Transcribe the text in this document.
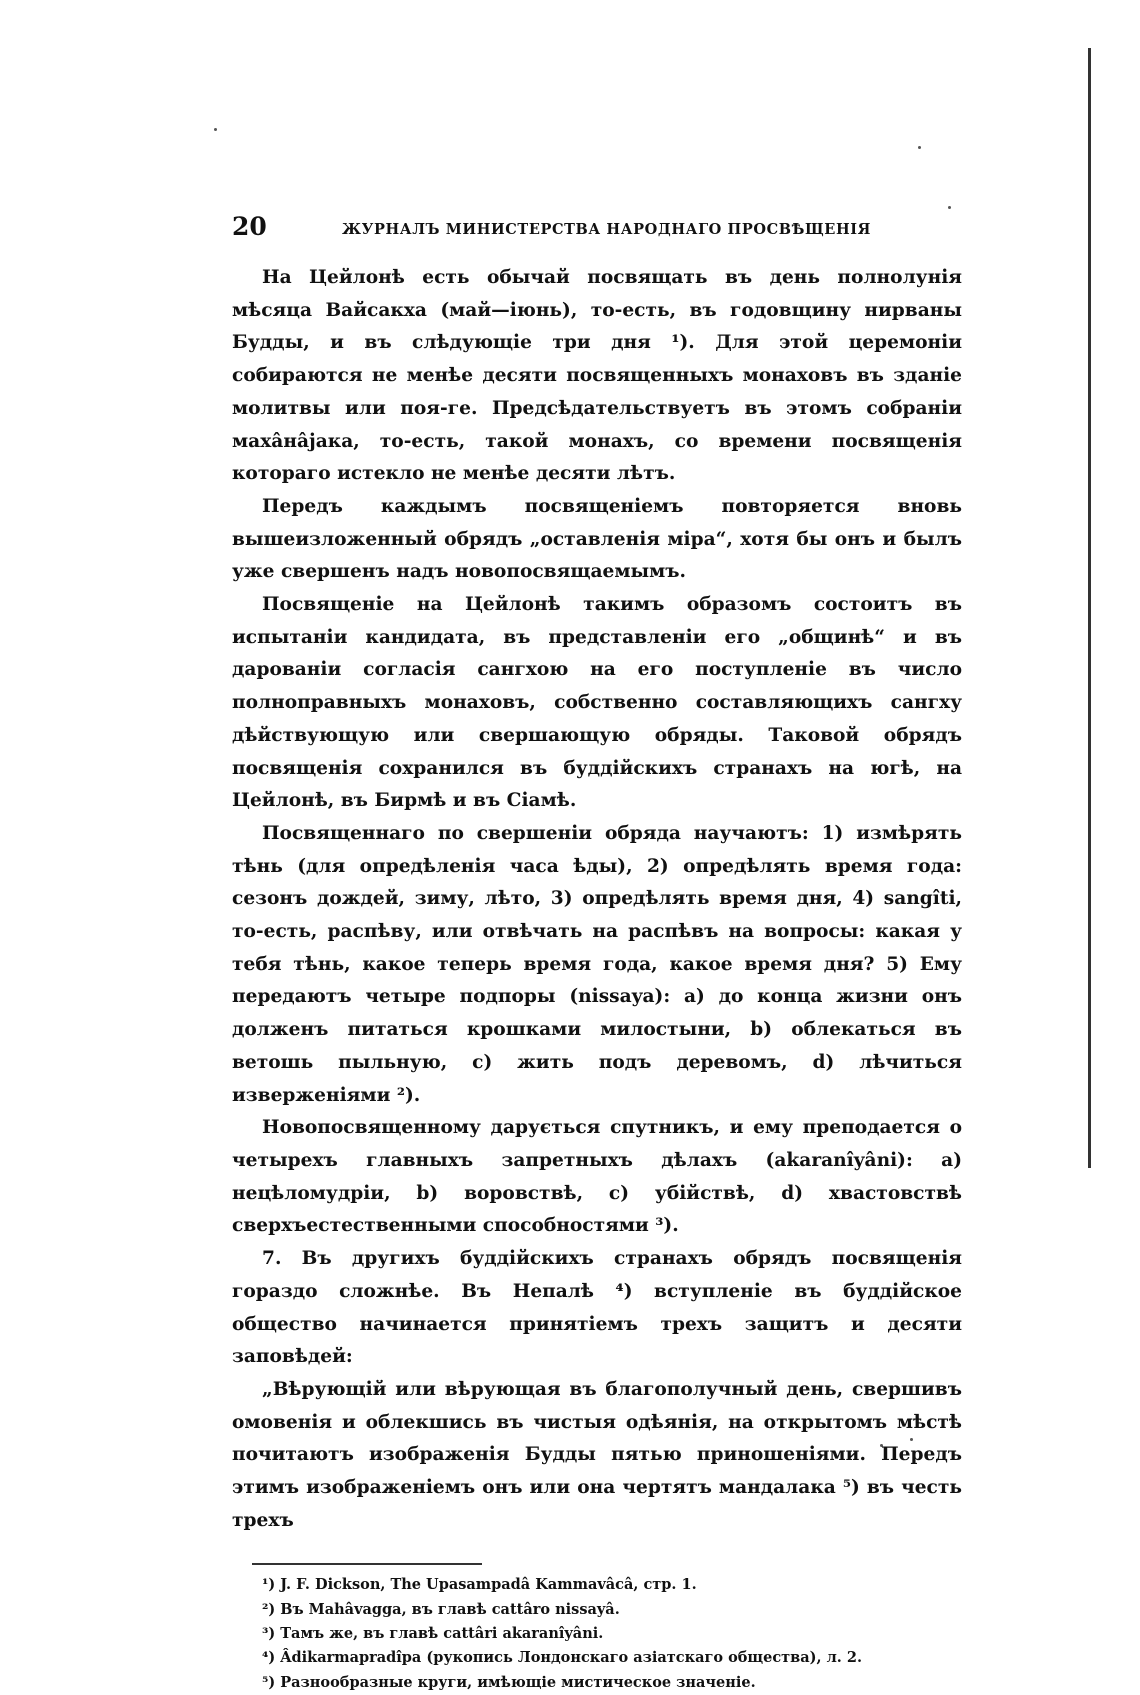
20	ЖУРНАЛЪ МИНИСТЕРСТВА НАРОДНАГО ПРОСВѢЩЕНІЯ

На Цейлонѣ есть обычай посвящать въ день полнолунія мѣсяца Вайсакха (май—іюнь), то-есть, въ годовщину нирваны Будды, и въ слѣдующіе три дня ¹). Для этой церемоніи собираются не менѣе десяти посвященныхъ монаховъ въ зданіе молитвы или поя-ге. Предсѣдательствуетъ въ этомъ собраніи махâнâjака, то-есть, такой монахъ, со времени посвященія котораго истекло не менѣе десяти лѣтъ.

Передъ каждымъ посвященіемъ повторяется вновь вышеизложенный обрядъ „оставленія міра“, хотя бы онъ и былъ уже свершенъ надъ новопосвящаемымъ.

Посвященіе на Цейлонѣ такимъ образомъ состоитъ въ испытаніи кандидата, въ представленіи его „общинѣ“ и въ дарованіи согласія сангхою на его поступленіе въ число полноправныхъ монаховъ, собственно составляющихъ сангху дѣйствующую или свершающую обряды. Таковой обрядъ посвященія сохранился въ буддійскихъ странахъ на югѣ, на Цейлонѣ, въ Бирмѣ и въ Сіамѣ.

Посвященнаго по свершеніи обряда научаютъ: 1) измѣрять тѣнь (для опредѣленія часа ѣды), 2) опредѣлять время года: сезонъ дождей, зиму, лѣто, 3) опредѣлять время дня, 4) sangîti, то-есть, распѣву, или отвѣчать на распѣвъ на вопросы: какая у тебя тѣнь, какое теперь время года, какое время дня? 5) Ему передаютъ четыре подпоры (nissaya): a) до конца жизни онъ долженъ питаться крошками милостыни, b) облекаться въ ветошь пыльную, c) жить подъ деревомъ, d) лѣчиться изверженіями ²).

Новопосвященному дарується спутникъ, и ему преподается о четырехъ главныхъ запретныхъ дѣлахъ (akaranîyâni): a) нецѣломудріи, b) воровствѣ, c) убійствѣ, d) хвастовствѣ сверхъестественными способностями ³).

7. Въ другихъ буддійскихъ странахъ обрядъ посвященія гораздо сложнѣе. Въ Непалѣ ⁴) вступленіе въ буддійское общество начинается принятіемъ трехъ защитъ и десяти заповѣдей:

„Вѣрующій или вѣрующая въ благополучный день, свершивъ омовенія и облекшись въ чистыя одѣянія, на открытомъ мѣстѣ почитаютъ изображенія Будды пятью приношеніями. Передъ этимъ изображеніемъ онъ или она чертятъ мандалака ⁵) въ честь трехъ

¹) J. F. Dickson, The Upasampadâ Kammavâcâ, стр. 1.

²) Въ Mahâvagga, въ главѣ cattâro nissayâ.

³) Тамъ же, въ главѣ cattâri akaranîyâni.

⁴) Âdikarmapradîpa (рукопись Лондонскаго азіатскаго общества), л. 2.

⁵) Разнообразные круги, имѣющіе мистическое значеніе.
